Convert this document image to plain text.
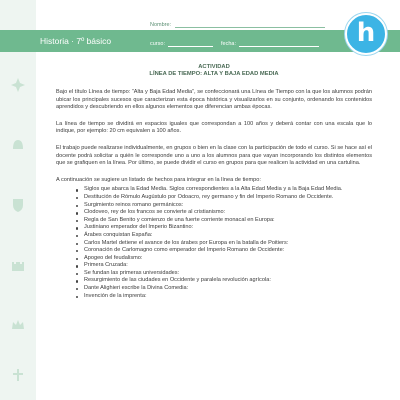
Historia · 7º básico
Nombre:
curso:	fecha:	h
ACTIVIDAD
LÍNEA DE TIEMPO: ALTA Y BAJA EDAD MEDIA

Bajo el título Línea de tiempo: “Alta y Baja Edad Media”, se confeccionará una Línea de Tiempo con la que los alumnos podrán ubicar los principales sucesos que caracterizan esta época histórica y visualizarlos en su conjunto, ordenando los contenidos aprendidos y descubriendo en ellos algunos elementos que diferencian ambas épocas.

La línea de tiempo se dividirá en espacios iguales que correspondan a 100 años y deberá contar con una escala que lo indique, por ejemplo: 20 cm equivalen a 100 años.

El trabajo puede realizarse individualmente, en grupos o bien en la clase con la participación de todo el curso. Si se hace así el docente podrá solicitar a quién le corresponde uno a uno a los alumnos para que vayan incorporando los distintos elementos que se grafiquen en la línea. Por último, se puede dividir el curso en grupos para que realicen la actividad en una cartulina.

A continuación se sugiere un listado de hechos para integrar en la línea de tiempo:

Siglos que abarca la Edad Media. Siglos correspondientes a la Alta Edad Media y a la Baja Edad Media.
Destitución de Rómulo Augústulo por Odoacro, rey germano y fin del Imperio Romano de Occidente.
Surgimiento reinos romano germánicos:
Clodoveo, rey de los francos se convierte al cristianismo:
Regla de San Benito y comienzo de una fuerte corriente monacal en Europa:
Justiniano emperador del Imperio Bizantino:
Árabes conquistan España:
Carlos Martel detiene el avance de los árabes por Europa en la batalla de Poitiers:
Coronación de Carlomagno como emperador del Imperio Romano de Occidente:
Apogeo del feudalismo:
Primera Cruzada:
Se fundan las primeras universidades:
Resurgimiento de las ciudades en Occidente y paralela revolución agrícola:
Dante Alighieri escribe la Divina Comedia:
Invención de la imprenta:
